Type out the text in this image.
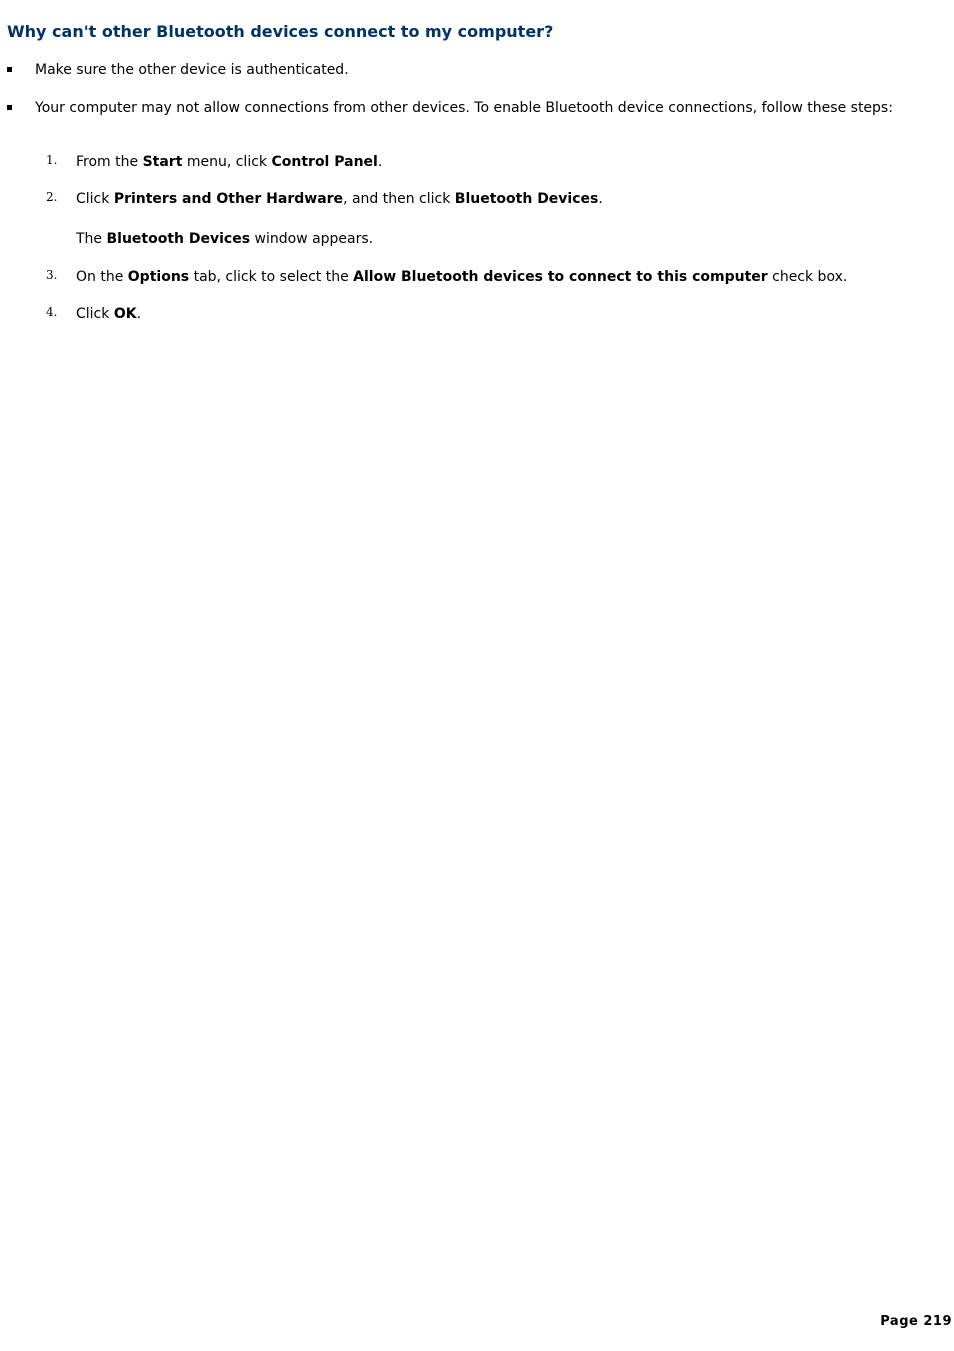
Why can't other Bluetooth devices connect to my computer?
Make sure the other device is authenticated.
Your computer may not allow connections from other devices. To enable Bluetooth device connections, follow these steps:
1. From the Start menu, click Control Panel.
2. Click Printers and Other Hardware, and then click Bluetooth Devices.
The Bluetooth Devices window appears.
3. On the Options tab, click to select the Allow Bluetooth devices to connect to this computer check box.
4. Click OK.
Page 219
